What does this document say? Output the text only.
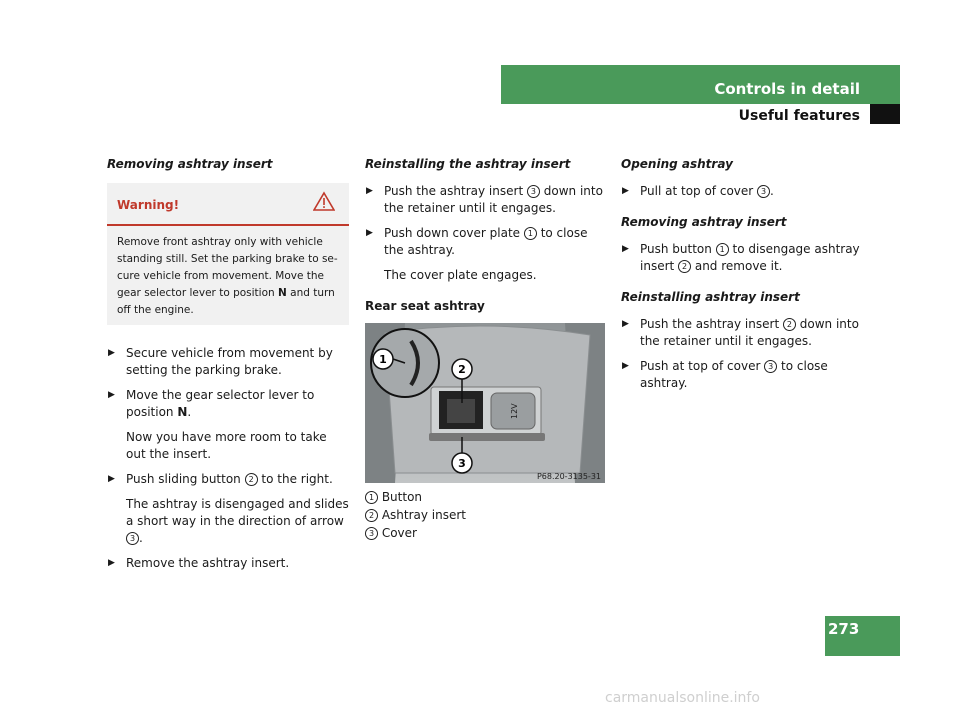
Controls in detail
Useful features
Removing ashtray insert
Warning!
Remove front ashtray only with vehicle standing still. Set the parking brake to se-cure vehicle from movement. Move the gear selector lever to position N and turn off the engine.
▶ Secure vehicle from movement by setting the parking brake.
▶ Move the gear selector lever to position N.
Now you have more room to take out the insert.
▶ Push sliding button 2 to the right.
The ashtray is disengaged and slides a short way in the direction of arrow 3 .
▶ Remove the ashtray insert.
Reinstalling the ashtray insert
▶ Push the ashtray insert 3 down into the retainer until it engages.
▶ Push down cover plate 1 to close the ashtray.
The cover plate engages.
Rear seat ashtray
12V
1
2
3
P68.20-3135-31
1 Button
2 Ashtray insert
3 Cover
Opening ashtray
▶ Pull at top of cover 3 .
Removing ashtray insert
▶ Push button 1 to disengage ashtray insert 2 and remove it.
Reinstalling ashtray insert
▶ Push the ashtray insert 2 down into the retainer until it engages.
▶ Push at top of cover 3 to close ashtray.
273
carmanualsonline.info
